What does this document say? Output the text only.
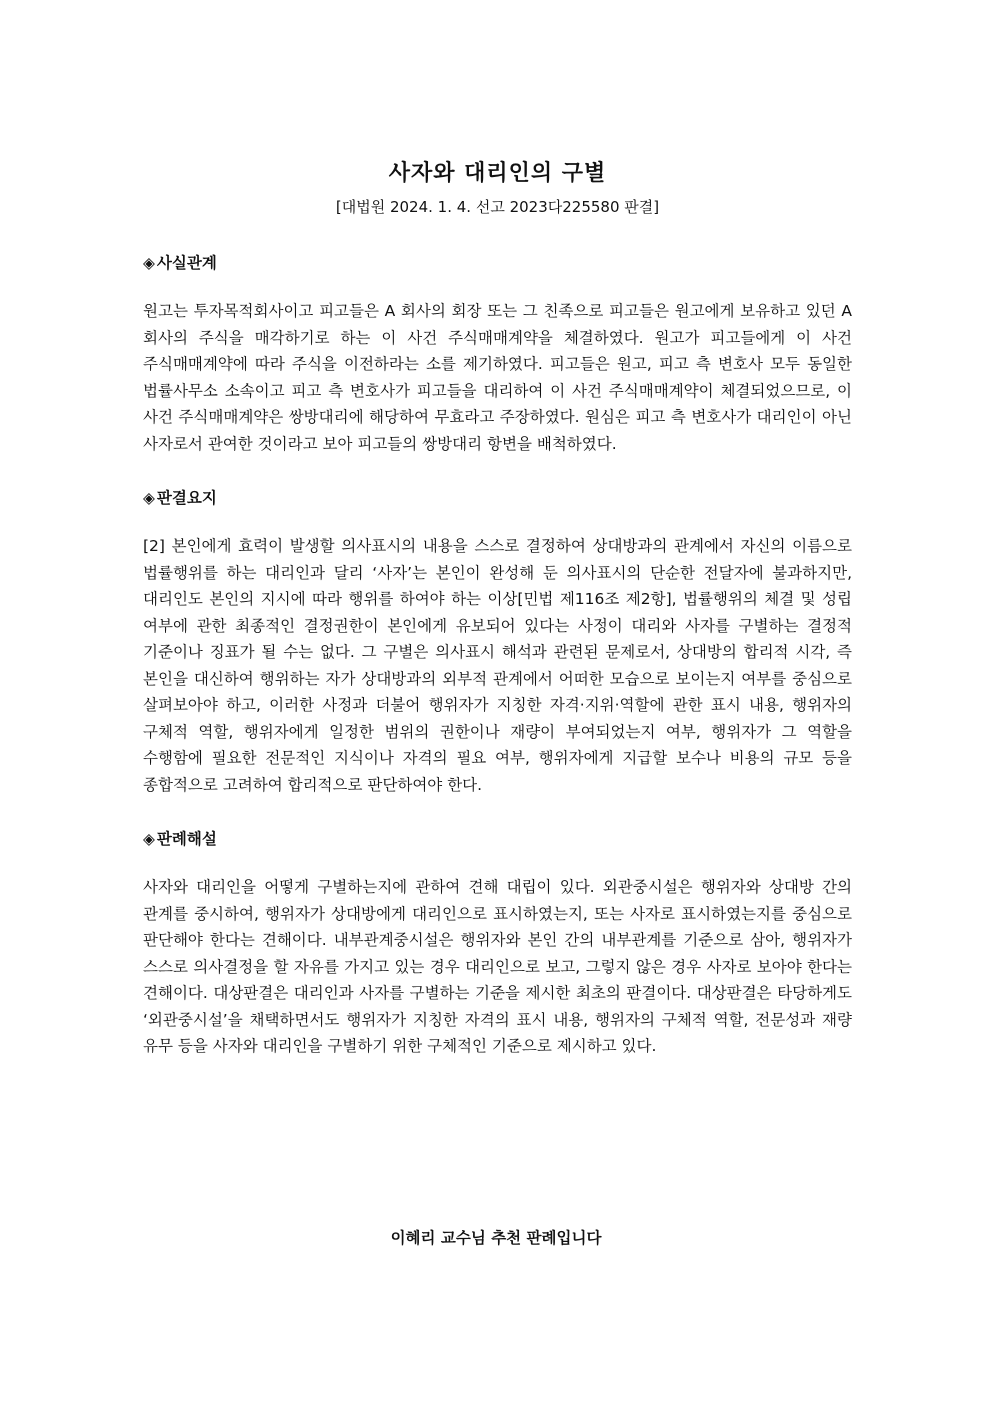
사자와 대리인의 구별

[대법원 2024. 1. 4. 선고 2023다225580 판결]

◈ 사실관계

원고는 투자목적회사이고 피고들은 A 회사의 회장 또는 그 친족으로 피고들은 원고에게 보유하고 있던 A 회사의 주식을 매각하기로 하는 이 사건 주식매매계약을 체결하였다. 원고가 피고들에게 이 사건 주식매매계약에 따라 주식을 이전하라는 소를 제기하였다. 피고들은 원고, 피고 측 변호사 모두 동일한 법률사무소 소속이고 피고 측 변호사가 피고들을 대리하여 이 사건 주식매매계약이 체결되었으므로, 이 사건 주식매매계약은 쌍방대리에 해당하여 무효라고 주장하였다. 원심은 피고 측 변호사가 대리인이 아닌 사자로서 관여한 것이라고 보아 피고들의 쌍방대리 항변을 배척하였다.

◈ 판결요지

[2] 본인에게 효력이 발생할 의사표시의 내용을 스스로 결정하여 상대방과의 관계에서 자신의 이름으로 법률행위를 하는 대리인과 달리 ‘사자’는 본인이 완성해 둔 의사표시의 단순한 전달자에 불과하지만, 대리인도 본인의 지시에 따라 행위를 하여야 하는 이상[민법 제116조 제2항], 법률행위의 체결 및 성립 여부에 관한 최종적인 결정권한이 본인에게 유보되어 있다는 사정이 대리와 사자를 구별하는 결정적 기준이나 징표가 될 수는 없다. 그 구별은 의사표시 해석과 관련된 문제로서, 상대방의 합리적 시각, 즉 본인을 대신하여 행위하는 자가 상대방과의 외부적 관계에서 어떠한 모습으로 보이는지 여부를 중심으로 살펴보아야 하고, 이러한 사정과 더불어 행위자가 지칭한 자격·지위·역할에 관한 표시 내용, 행위자의 구체적 역할, 행위자에게 일정한 범위의 권한이나 재량이 부여되었는지 여부, 행위자가 그 역할을 수행함에 필요한 전문적인 지식이나 자격의 필요 여부, 행위자에게 지급할 보수나 비용의 규모 등을 종합적으로 고려하여 합리적으로 판단하여야 한다.

◈ 판례해설

사자와 대리인을 어떻게 구별하는지에 관하여 견해 대립이 있다. 외관중시설은 행위자와 상대방 간의 관계를 중시하여, 행위자가 상대방에게 대리인으로 표시하였는지, 또는 사자로 표시하였는지를 중심으로 판단해야 한다는 견해이다. 내부관계중시설은 행위자와 본인 간의 내부관계를 기준으로 삼아, 행위자가 스스로 의사결정을 할 자유를 가지고 있는 경우 대리인으로 보고, 그렇지 않은 경우 사자로 보아야 한다는 견해이다. 대상판결은 대리인과 사자를 구별하는 기준을 제시한 최초의 판결이다. 대상판결은 타당하게도 ‘외관중시설’을 채택하면서도 행위자가 지칭한 자격의 표시 내용, 행위자의 구체적 역할, 전문성과 재량 유무 등을 사자와 대리인을 구별하기 위한 구체적인 기준으로 제시하고 있다.

이혜리 교수님 추천 판례입니다
